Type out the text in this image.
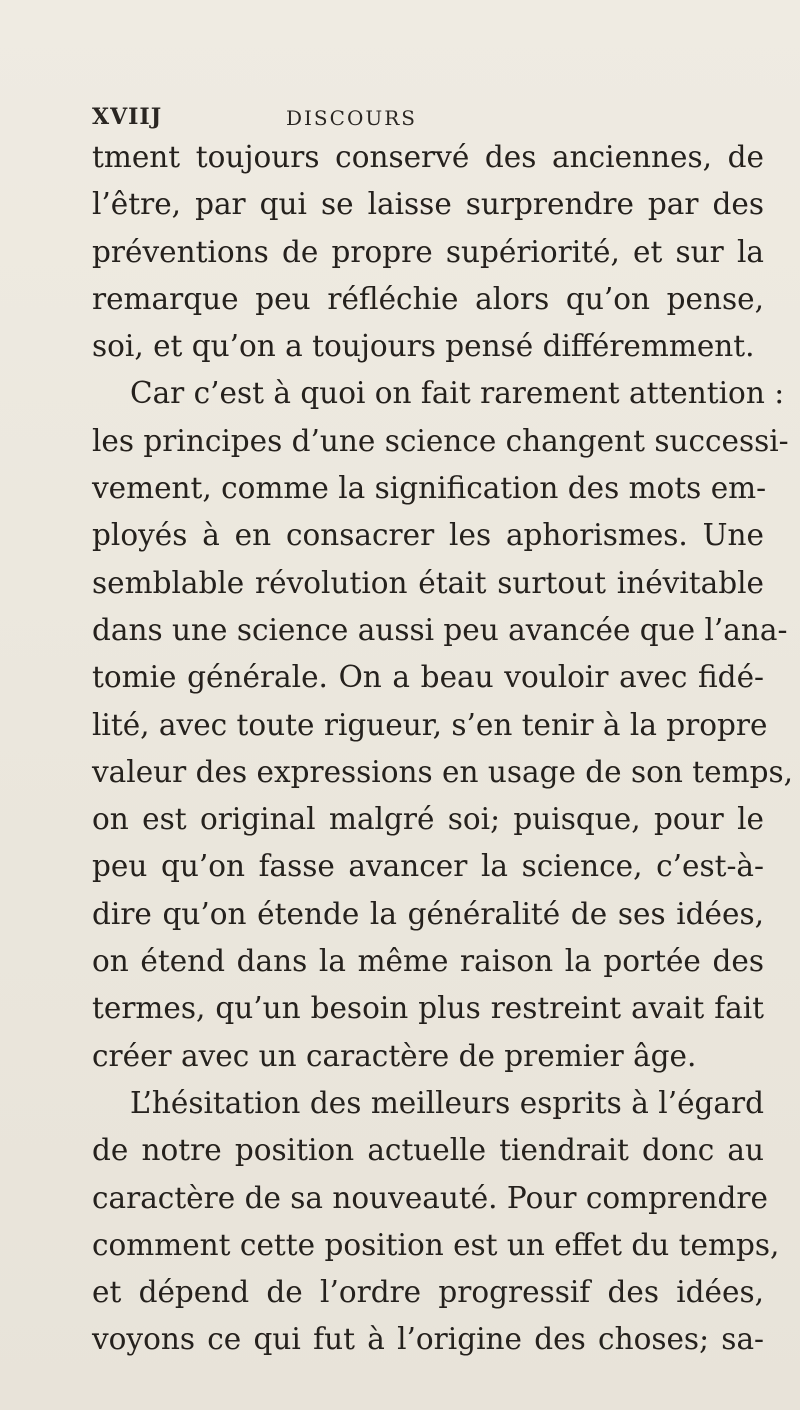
XVIIJ	DISCOURS
tment toujours conservé des anciennes, de
l’être, par qui se laisse surprendre par des
préventions de propre supériorité, et sur la
remarque peu réfléchie alors qu’on pense,
soi, et qu’on a toujours pensé différemment.
Car c’est à quoi on fait rarement attention :
les principes d’une science changent successi-
vement, comme la signification des mots em-
ployés à en consacrer les aphorismes. Une
semblable révolution était surtout inévitable
dans une science aussi peu avancée que l’ana-
tomie générale. On a beau vouloir avec fidé-
lité, avec toute rigueur, s’en tenir à la propre
valeur des expressions en usage de son temps,
on est original malgré soi; puisque, pour le
peu qu’on fasse avancer la science, c’est-à-
dire qu’on étende la généralité de ses idées,
on étend dans la même raison la portée des
termes, qu’un besoin plus restreint avait fait
créer avec un caractère de premier âge.
L’hésitation des meilleurs esprits à l’égard
de notre position actuelle tiendrait donc au
caractère de sa nouveauté. Pour comprendre
comment cette position est un effet du temps,
et dépend de l’ordre progressif des idées,
voyons ce qui fut à l’origine des choses; sa-
